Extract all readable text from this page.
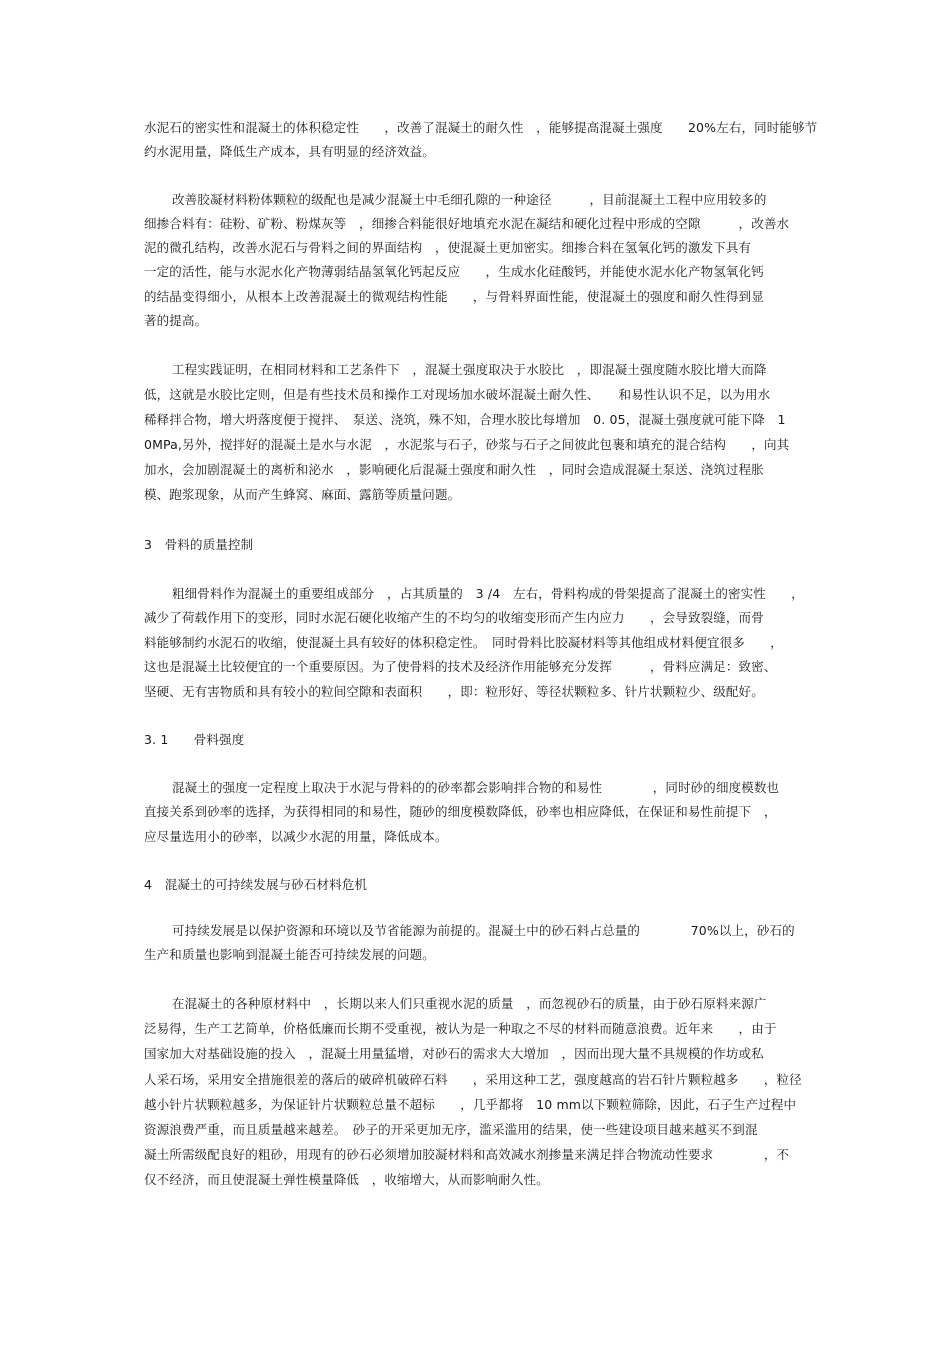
水泥石的密实性和混凝土的体积稳定性　　，改善了混凝土的耐久性　，能够提高混凝土强度　　20%左右，同时能够节
约水泥用量，降低生产成本，具有明显的经济效益。
改善胶凝材料粉体颗粒的级配也是减少混凝土中毛细孔隙的一种途径　　　，目前混凝土工程中应用较多的
细掺合料有：硅粉、矿粉、粉煤灰等　，细掺合料能很好地填充水泥在凝结和硬化过程中形成的空隙　　　，改善水
泥的微孔结构，改善水泥石与骨料之间的界面结构　，使混凝土更加密实。细掺合料在氢氧化钙的激发下具有
一定的活性，能与水泥水化产物薄弱结晶氢氧化钙起反应　　，生成水化硅酸钙，并能使水泥水化产物氢氧化钙
的结晶变得细小，从根本上改善混凝土的微观结构性能　　，与骨料界面性能，使混凝土的强度和耐久性得到显
著的提高。
工程实践证明，在相同材料和工艺条件下　，混凝土强度取决于水胶比　，即混凝土强度随水胶比增大而降
低，这就是水胶比定则，但是有些技术员和操作工对现场加水破坏混凝土耐久性、　　和易性认识不足，以为用水
稀释拌合物，增大坍落度便于搅拌、　泵送、浇筑，殊不知，合理水胶比每增加　0. 05，混凝土强度就可能下降　1
0MPa,另外，搅拌好的混凝土是水与水泥　，水泥浆与石子，砂浆与石子之间彼此包裹和填充的混合结构　　，向其
加水，会加剧混凝土的离析和泌水　，影响硬化后混凝土强度和耐久性　，同时会造成混凝土泵送、浇筑过程胀
模、跑浆现象，从而产生蜂窝、麻面、露筋等质量问题。
3　骨料的质量控制
粗细骨料作为混凝土的重要组成部分　，占其质量的　3 /4　左右，骨料构成的骨架提高了混凝土的密实性　　，
减少了荷载作用下的变形，同时水泥石硬化收缩产生的不均匀的收缩变形而产生内应力　　，会导致裂缝，而骨
料能够制约水泥石的收缩，使混凝土具有较好的体积稳定性。　同时骨料比胶凝材料等其他组成材料便宜很多　　，
这也是混凝土比较便宜的一个重要原因。为了使骨料的技术及经济作用能够充分发挥　　　，骨料应满足：致密、
坚硬、无有害物质和具有较小的粒间空隙和表面积　　，即：粒形好、等径状颗粒多、针片状颗粒少、级配好。
3. 1　　骨料强度
混凝土的强度一定程度上取决于水泥与骨料的的砂率都会影响拌合物的和易性　　　　，同时砂的细度模数也
直接关系到砂率的选择，为获得相同的和易性，随砂的细度模数降低，砂率也相应降低，在保证和易性前提下　，
应尽量选用小的砂率，以减少水泥的用量，降低成本。
4　混凝土的可持续发展与砂石材料危机
可持续发展是以保护资源和环境以及节省能源为前提的。混凝土中的砂石料占总量的　　　　70%以上，砂石的
生产和质量也影响到混凝土能否可持续发展的问题。
在混凝土的各种原材料中　，长期以来人们只重视水泥的质量　，而忽视砂石的质量，由于砂石原料来源广
泛易得，生产工艺简单，价格低廉而长期不受重视，被认为是一种取之不尽的材料而随意浪费。近年来　　，由于
国家加大对基础设施的投入　，混凝土用量猛增，对砂石的需求大大增加　，因而出现大量不具规模的作坊或私
人采石场，采用安全措施很差的落后的破碎机破碎石料　　，采用这种工艺，强度越高的岩石针片颗粒越多　　，粒径
越小针片状颗粒越多，为保证针片状颗粒总量不超标　　，几乎都将　10 mm以下颗粒筛除，因此，石子生产过程中
资源浪费严重，而且质量越来越差。　砂子的开采更加无序，滥采滥用的结果，使一些建设项目越来越买不到混
凝土所需级配良好的粗砂，用现有的砂石必须增加胶凝材料和高效减水剂掺量来满足拌合物流动性要求　　　　，不
仅不经济，而且使混凝土弹性模量降低　，收缩增大，从而影响耐久性。
